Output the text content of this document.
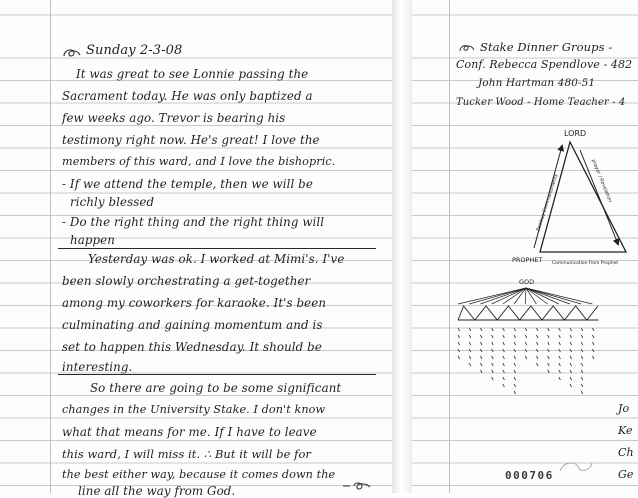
Sunday 2-3-08
It was great to see Lonnie passing the
Sacrament today. He was only baptized a
few weeks ago. Trevor is bearing his
testimony right now. He's great! I love the
members of this ward, and I love the bishopric.
- If we attend the temple, then we will be
richly blessed
- Do the right thing and the right thing will
happen
Yesterday was ok. I worked at Mimi's. I've
been slowly orchestrating a get-together
among my coworkers for karaoke. It's been
culminating and gaining momentum and is
set to happen this Wednesday. It should be
interesting.
So there are going to be some significant
changes in the University Stake. I don't know
what that means for me. If I have to leave
this ward, I will miss it. ∴ But it will be for
the best either way, because it comes down the
line all the way from God.
Stake Dinner Groups -
Conf. Rebecca Spendlove - 482
John Hartman 480-51
Tucker Wood - Home Teacher - 4
LORD
PROPHET Communication from Prophet
Zealous Commandments	prayer / Revelation
GOD
Jo
Ke
Ch
Ge
000706
